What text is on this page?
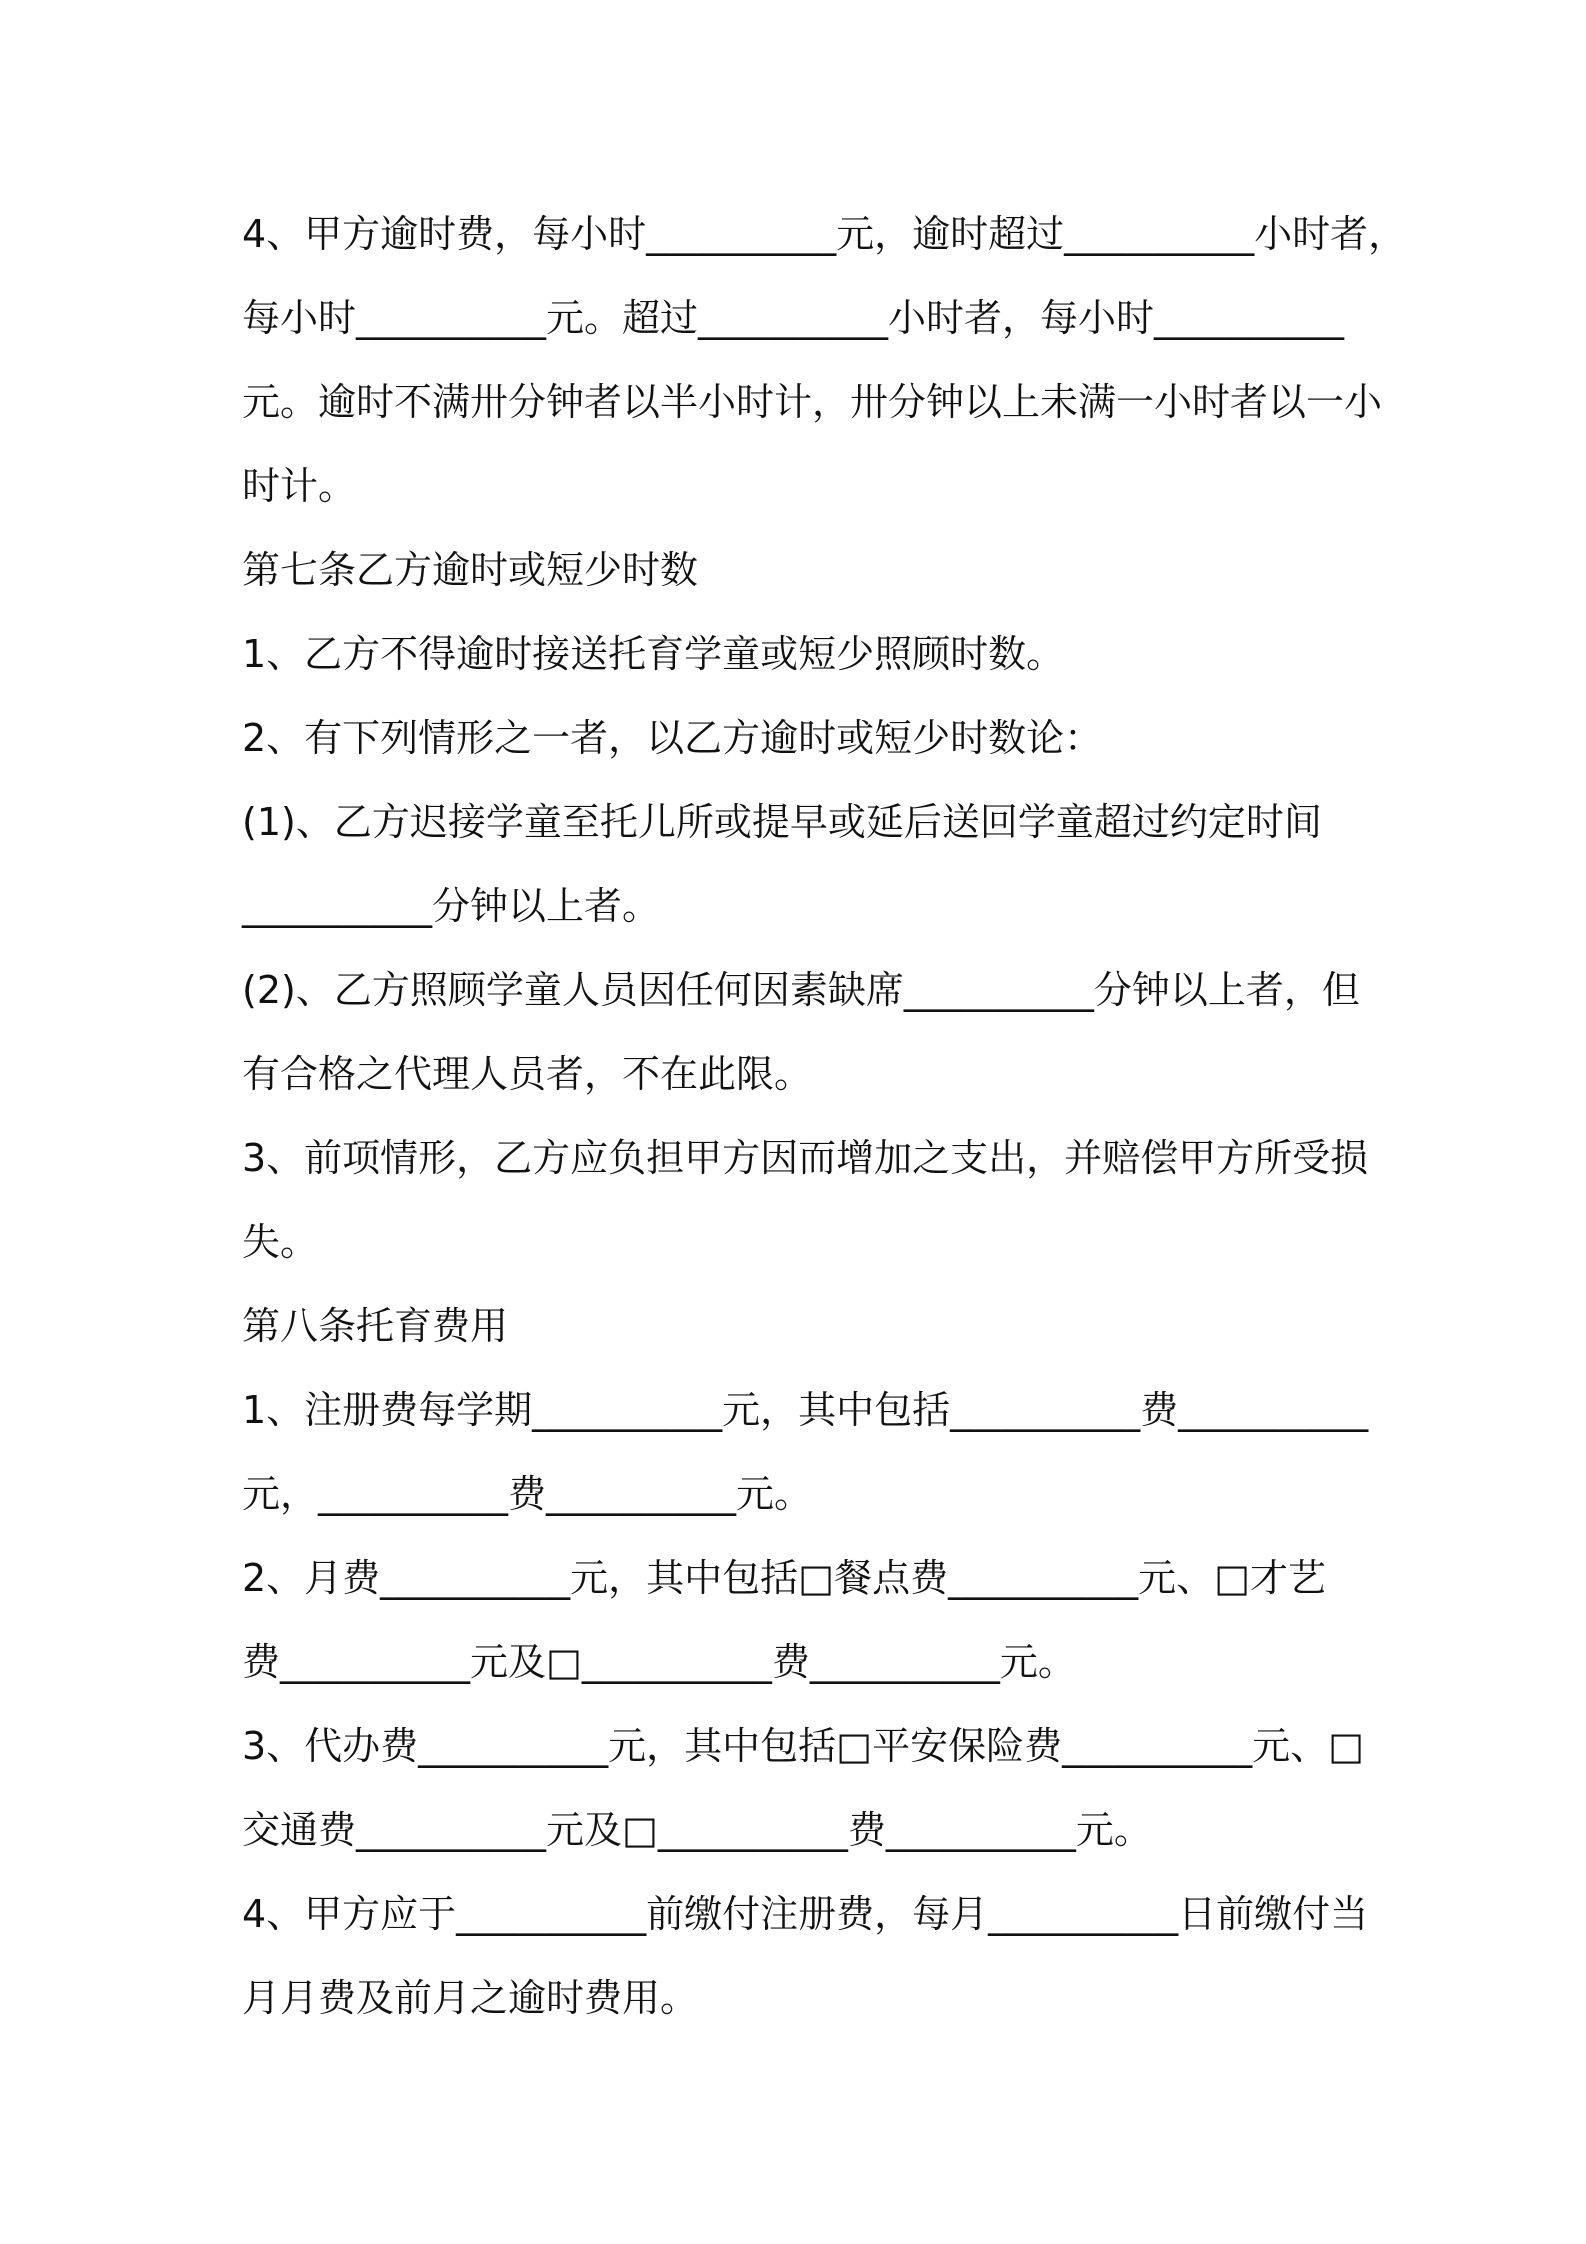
4、甲方逾时费，每小时__________元，逾时超过__________小时者，
每小时__________元。超过__________小时者，每小时__________
元。逾时不满卅分钟者以半小时计，卅分钟以上未满一小时者以一小
时计。
第七条乙方逾时或短少时数
1、乙方不得逾时接送托育学童或短少照顾时数。
2、有下列情形之一者，以乙方逾时或短少时数论：
(1)、乙方迟接学童至托儿所或提早或延后送回学童超过约定时间
__________分钟以上者。
(2)、乙方照顾学童人员因任何因素缺席__________分钟以上者，但
有合格之代理人员者，不在此限。
3、前项情形，乙方应负担甲方因而增加之支出，并赔偿甲方所受损
失。
第八条托育费用
1、注册费每学期__________元，其中包括__________费__________
元，__________费__________元。
2、月费__________元，其中包括□餐点费__________元、□才艺
费__________元及□__________费__________元。
3、代办费__________元，其中包括□平安保险费__________元、□
交通费__________元及□__________费__________元。
4、甲方应于__________前缴付注册费，每月__________日前缴付当
月月费及前月之逾时费用。
